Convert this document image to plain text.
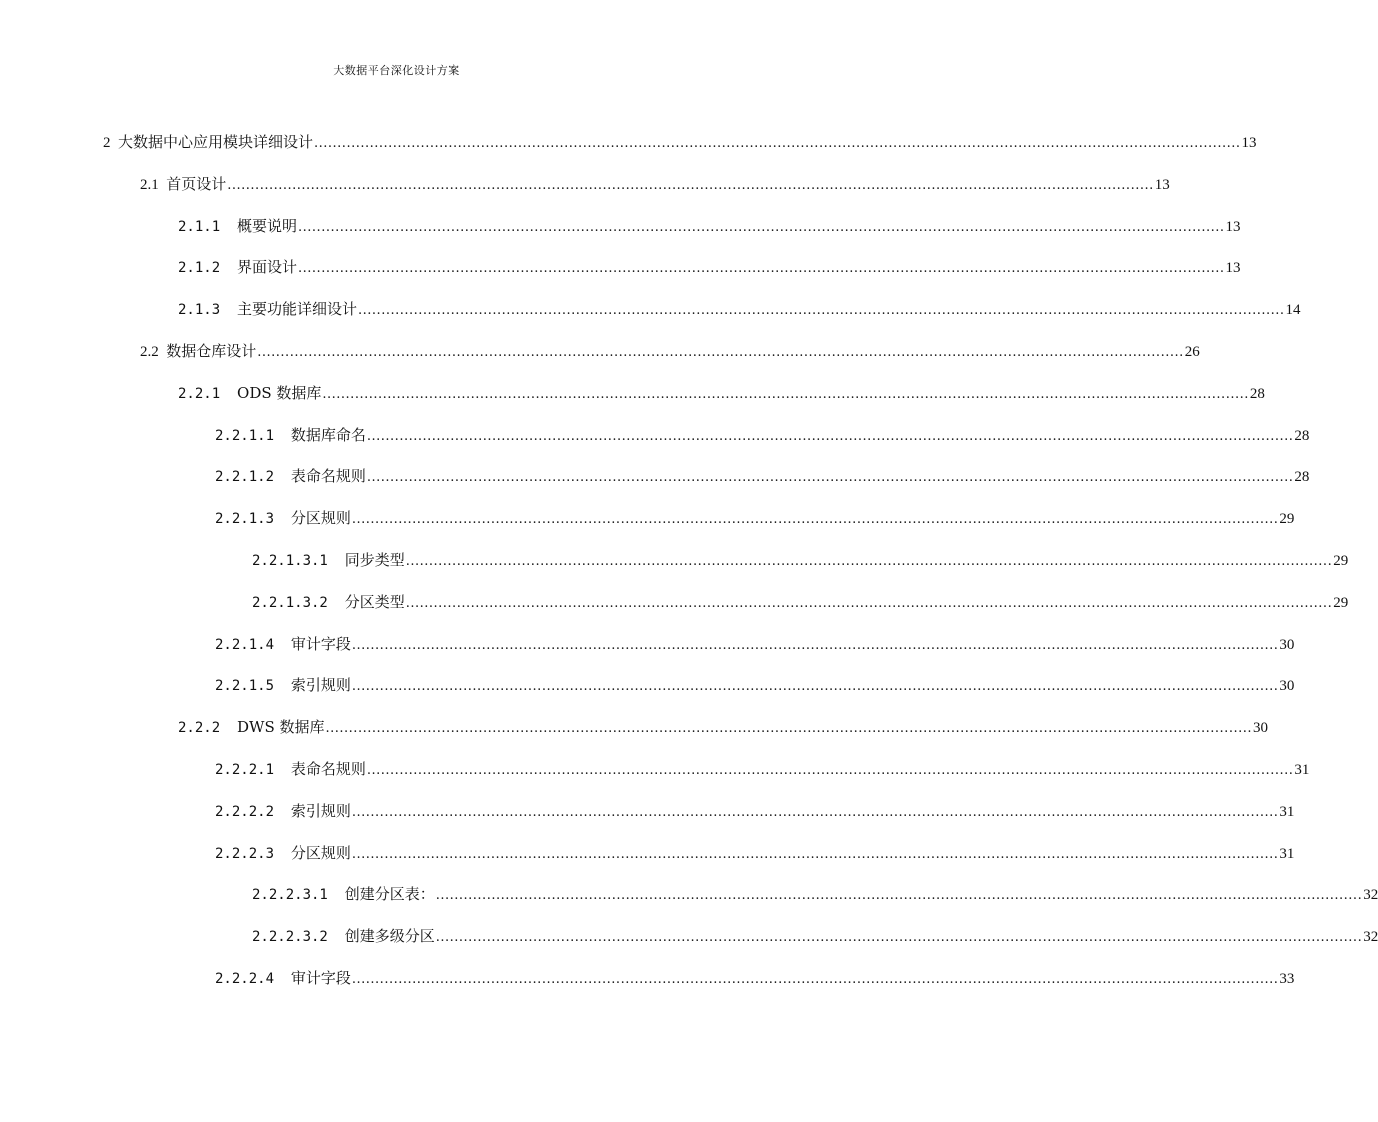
大数据平台深化设计方案
2
大数据中心应用模块详细设计 ........................................................................................................................................................................................................ 13
2.1
首页设计 ........................................................................................................................................................................................................ 13
2.1.1
概要说明 ........................................................................................................................................................................................................ 13
2.1.2
界面设计 ........................................................................................................................................................................................................ 13
2.1.3
主要功能详细设计 ........................................................................................................................................................................................................ 14
2.2
数据仓库设计 ........................................................................................................................................................................................................ 26
2.2.1
ODS 数据库 ........................................................................................................................................................................................................ 28
2.2.1.1
数据库命名 ........................................................................................................................................................................................................ 28
2.2.1.2
表命名规则 ........................................................................................................................................................................................................ 28
2.2.1.3
分区规则 ........................................................................................................................................................................................................ 29
2.2.1.3.1
同步类型 ........................................................................................................................................................................................................ 29
2.2.1.3.2
分区类型 ........................................................................................................................................................................................................ 29
2.2.1.4
审计字段 ........................................................................................................................................................................................................ 30
2.2.1.5
索引规则 ........................................................................................................................................................................................................ 30
2.2.2
DWS 数据库 ........................................................................................................................................................................................................ 30
2.2.2.1
表命名规则 ........................................................................................................................................................................................................ 31
2.2.2.2
索引规则 ........................................................................................................................................................................................................ 31
2.2.2.3
分区规则 ........................................................................................................................................................................................................ 31
2.2.2.3.1
创建分区表： ........................................................................................................................................................................................................ 32
2.2.2.3.2
创建多级分区 ........................................................................................................................................................................................................ 32
2.2.2.4
审计字段 ........................................................................................................................................................................................................ 33
